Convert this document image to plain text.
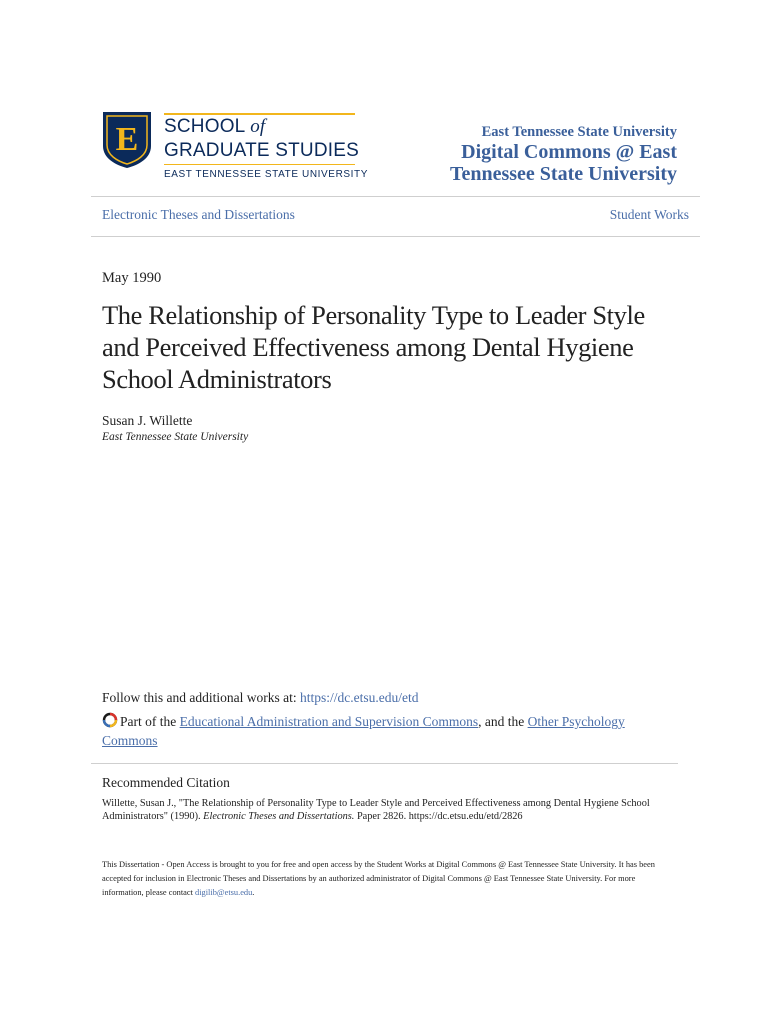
E SCHOOL of
GRADUATE STUDIES
EAST TENNESSEE STATE UNIVERSITY
East Tennessee State University
Digital Commons @ East Tennessee State University
Electronic Theses and Dissertations	Student Works
May 1990
The Relationship of Personality Type to Leader Style and Perceived Effectiveness among Dental Hygiene School Administrators
Susan J. Willette
East Tennessee State University
Follow this and additional works at: https://dc.etsu.edu/etd
Part of the Educational Administration and Supervision Commons, and the Other Psychology Commons
Recommended Citation
Willette, Susan J., "The Relationship of Personality Type to Leader Style and Perceived Effectiveness among Dental Hygiene School Administrators" (1990). Electronic Theses and Dissertations. Paper 2826. https://dc.etsu.edu/etd/2826
This Dissertation - Open Access is brought to you for free and open access by the Student Works at Digital Commons @ East Tennessee State University. It has been accepted for inclusion in Electronic Theses and Dissertations by an authorized administrator of Digital Commons @ East Tennessee State University. For more information, please contact digilib@etsu.edu.
